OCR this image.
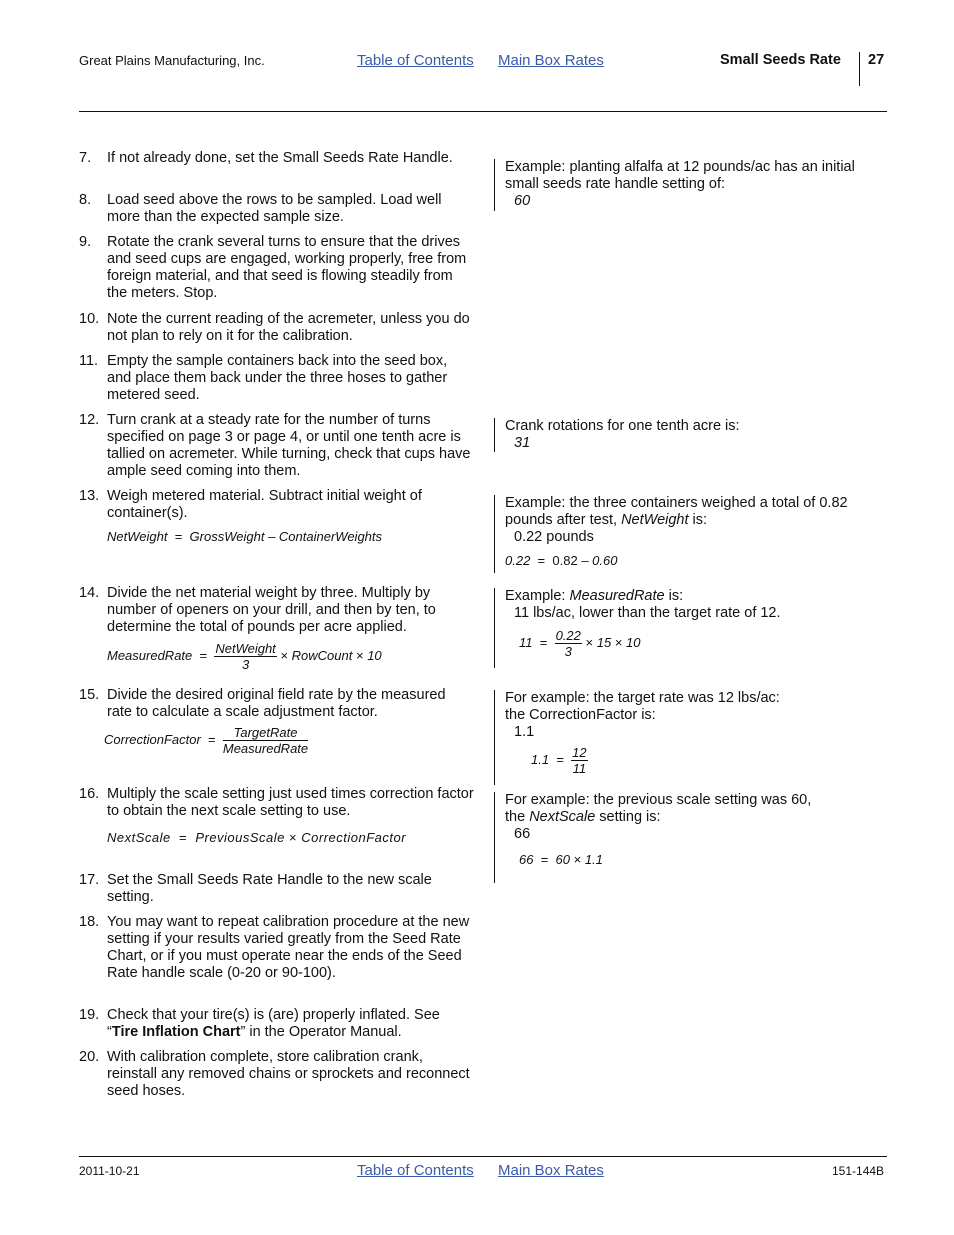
Great Plains Manufacturing, Inc.	Table of Contents Main Box Rates	Small Seeds Rate 27
7. If not already done, set the Small Seeds Rate Handle.
8. Load seed above the rows to be sampled. Load well more than the expected sample size.
9. Rotate the crank several turns to ensure that the drives and seed cups are engaged, working properly, free from foreign material, and that seed is flowing steadily from the meters. Stop.
10. Note the current reading of the acremeter, unless you do not plan to rely on it for the calibration.
11. Empty the sample containers back into the seed box, and place them back under the three hoses to gather metered seed.
12. Turn crank at a steady rate for the number of turns specified on page 3 or page 4, or until one tenth acre is tallied on acremeter. While turning, check that cups have ample seed coming into them.
13. Weigh metered material. Subtract initial weight of container(s).
NetWeight = GrossWeight – ContainerWeights
14. Divide the net material weight by three. Multiply by number of openers on your drill, and then by ten, to determine the total of pounds per acre applied.
MeasuredRate = $\frac{\text{NetWeight}}{3}$ × RowCount × 10
15. Divide the desired original field rate by the measured rate to calculate a scale adjustment factor.
CorrectionFactor = $\frac{\text{TargetRate}}{\text{MeasuredRate}}$
16. Multiply the scale setting just used times correction factor to obtain the next scale setting to use.
NextScale = PreviousScale × CorrectionFactor
17. Set the Small Seeds Rate Handle to the new scale setting.
18. You may want to repeat calibration procedure at the new setting if your results varied greatly from the Seed Rate Chart, or if you must operate near the ends of the Seed Rate handle scale (0-20 or 90-100).
19. Check that your tire(s) is (are) properly inflated. See “Tire Inflation Chart” in the Operator Manual.
20. With calibration complete, store calibration crank, reinstall any removed chains or sprockets and reconnect seed hoses.
Example: planting alfalfa at 12 pounds/ac has an initial small seeds rate handle setting of:
60
Crank rotations for one tenth acre is:
31
Example: the three containers weighed a total of 0.82 pounds after test, NetWeight is:
0.22 pounds
0.22 = 0.82 – 0.60
Example: MeasuredRate is:
11 lbs/ac, lower than the target rate of 12.
$11 = \frac{0.22}{3} \times 15 \times 10$
For example: the target rate was 12 lbs/ac:
the CorrectionFactor is:
1.1
$1.1 = \frac{12}{11}$
For example: the previous scale setting was 60,
the NextScale setting is:
66
66 = 60 × 1.1
2011-10-21	Table of Contents Main Box Rates	151-144B
